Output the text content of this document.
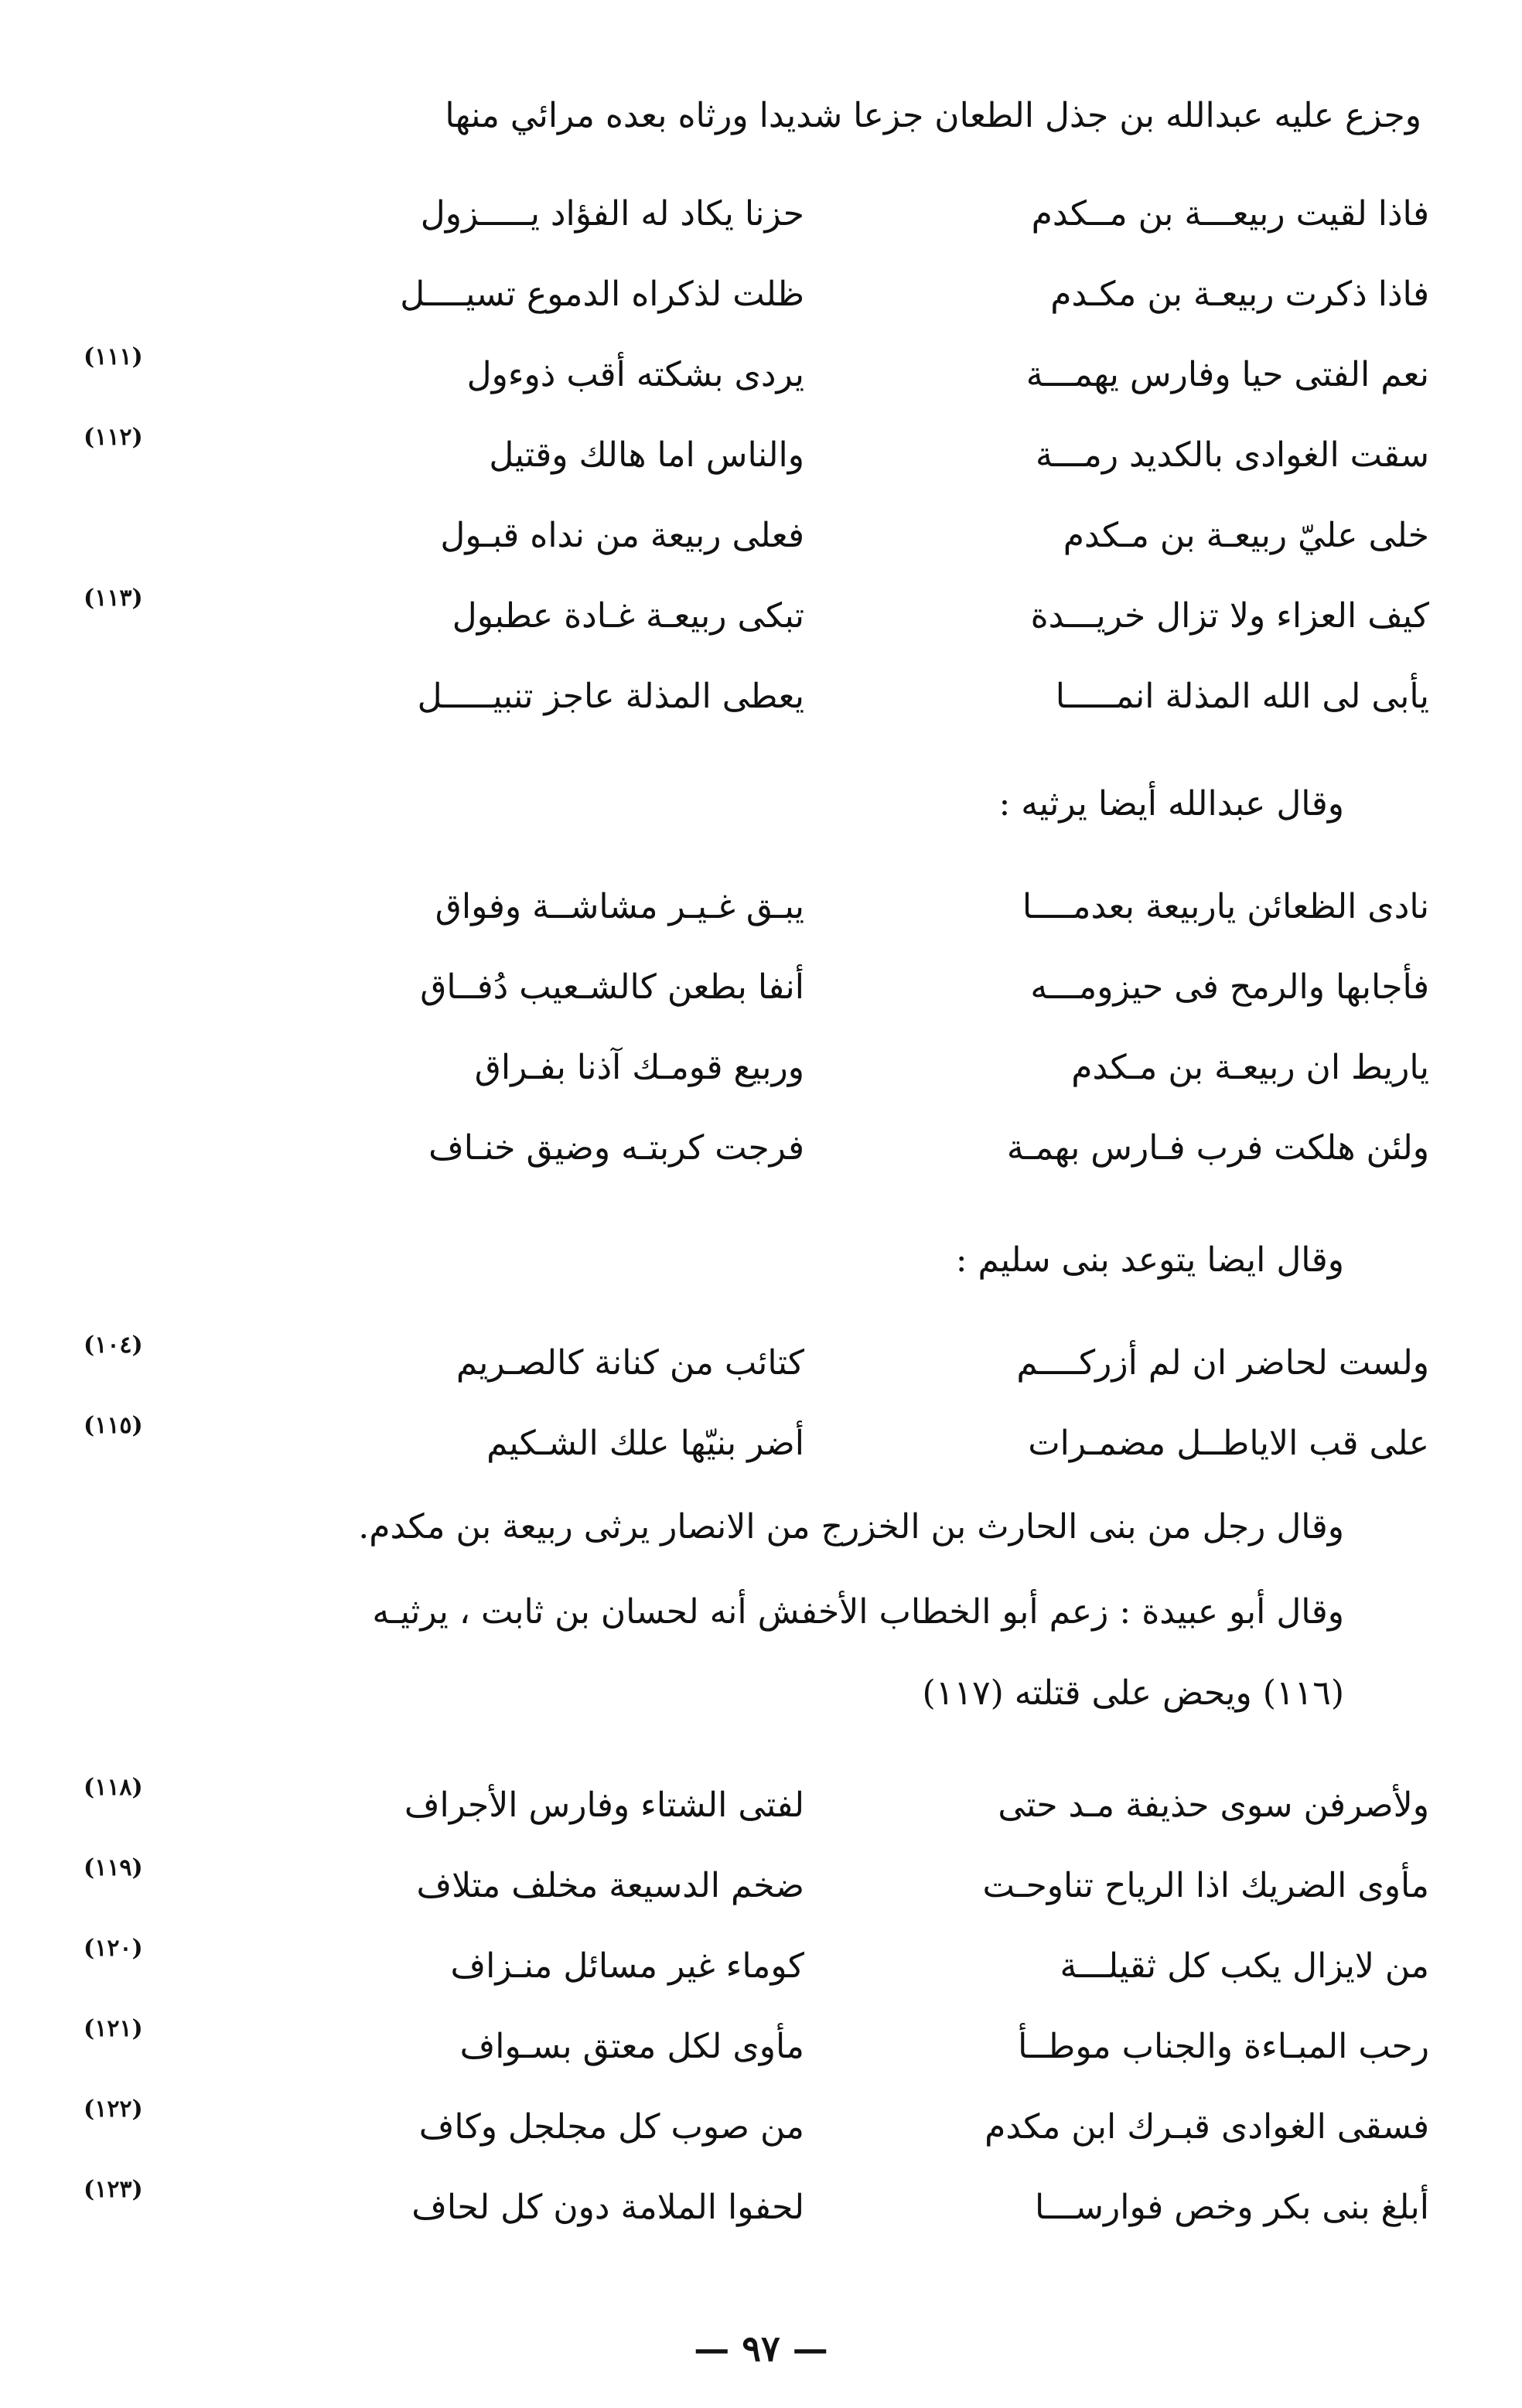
وجزع عليه عبدالله بن جذل الطعان جزعا شديدا ورثاه بعده مرائي منها
فاذا لقيت ربيعـــة بن مــكدم
حزنا يكاد له الفؤاد يـــــزول
فاذا ذكرت ربيعـة بن مكـدم
ظلت لذكراه الدموع تسيــــل
نعم الفتى حيا وفارس يهمـــة
يردى بشكته أقب ذوءول
(١١١)
سقت الغوادى بالكديد رمـــة
والناس اما هالك وقتيل
(١١٢)
خلى عليّ ربيعـة بن مـكدم
فعلى ربيعة من نداه قبـول
كيف العزاء ولا تزال خريـــدة
تبكى ربيعـة غـادة عطبول
(١١٣)
يأبى لى الله المذلة انمـــــا
يعطى المذلة عاجز تنبيـــــل
وقال عبدالله أيضا يرثيه :
نادى الظعائن ياربيعة بعدمــــا
يبـق غـيـر مشاشــة وفواق
فأجابها والرمح فى حيزومـــه
أنفا بطعن كالشـعيب دُفــاق
ياريط ان ربيعـة بن مـكدم
وربيع قومـك آذنا بفـراق
ولئن هلكت فرب فـارس بهمـة
فرجت كربتـه وضيق خنـاف
وقال ايضا يتوعد بنى سليم :
ولست لحاضر ان لم أزركــــم
كتائب من كنانة كالصـريم
(١٠٤)
على قب الاياطــل مضمـرات
أضر بنيّها علك الشـكيم
(١١٥)
وقال رجل من بنى الحارث بن الخزرج من الانصار يرثى ربيعة بن مكدم.
وقال أبو عبيدة : زعم أبو الخطاب الأخفش أنه لحسان بن ثابت ، يرثيـه
(١١٦) ويحض على قتلته (١١٧)
ولأصرفن سوى حذيفة مـد حتى
لفتى الشتاء وفارس الأجراف
(١١٨)
مأوى الضريك اذا الرياح تناوحـت
ضخم الدسيعة مخلف متلاف
(١١٩)
من لايزال يكب كل ثقيلـــة
كوماء غير مسائل منـزاف
(١٢٠)
رحب المبـاءة والجناب موطــأ
مأوى لكل معتق بسـواف
(١٢١)
فسقى الغوادى قبـرك ابن مكدم
من صوب كل مجلجل وكاف
(١٢٢)
أبلغ بنى بكر وخص فوارســـا
لحفوا الملامة دون كل لحاف
(١٢٣)
— ٩٧ —
